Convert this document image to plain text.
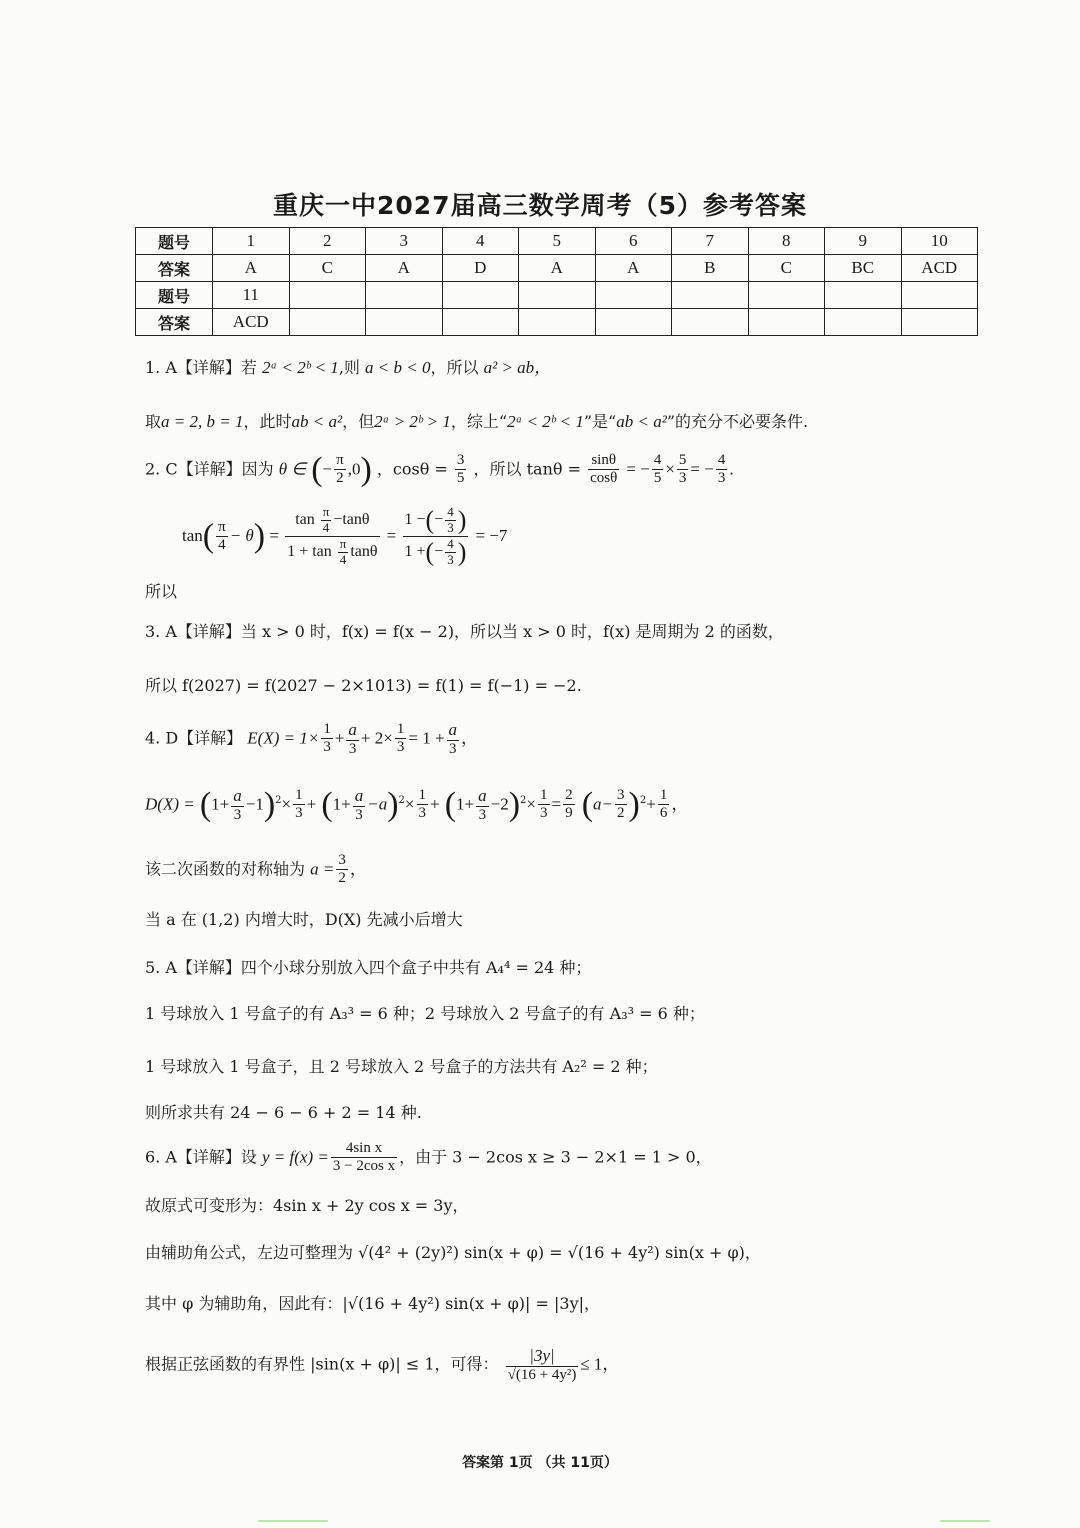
重庆一中2027届高三数学周考（5）参考答案
题号	1	2	3	4	5	6	7	8	9	10
答案	A	C	A	D	A	A	B	C	BC	ACD
题号	11									
答案	ACD									
1. A【详解】若 2ᵃ < 2ᵇ < 1,则 a < b < 0，所以 a² > ab，
取a = 2, b = 1，此时ab < a²，但2ᵃ > 2ᵇ > 1，综上“2ᵃ < 2ᵇ < 1”是“ab < a²”的充分不必要条件.
2. C【详解】因为 θ ∈ (− $\frac{\pi}{2} ,0$) ，$\cos\theta = \frac{3}{5}$ ，所以 $\tan\theta = \frac{\sin\theta}{\cos\theta}$ = − $\frac{4}{5} \times \frac{5}{3}$ = − $\frac{4}{3}$ .
$\tan( \frac{\pi}{4} - \theta) = \frac{\tan \frac{\pi}{4} -\tan\theta}{1 + \tan \frac{\pi}{4} \tan\theta} = \frac{1 -(- \frac{4}{3} )}{1 +(- \frac{4}{3} )} = -7$
所以
3. A【详解】当 x > 0 时，f(x) = f(x − 2)，所以当 x > 0 时，f(x) 是周期为 2 的函数，
所以 f(2027) = f(2027 − 2×1013) = f(1) = f(−1) = −2.
4. D【详解】 $E(X) = 1\times \frac{1}{3} + \frac{a}{3} + 2\times \frac{1}{3} = 1 + \frac{a}{3}$ ，
$D(X) = (1+ \frac{a}{3} -1)^2\times \frac{1}{3} + (1+ \frac{a}{3} -a)^2\times \frac{1}{3} + (1+ \frac{a}{3} -2)^2\times \frac{1}{3} = \frac{2}{9} (a- \frac{3}{2} )^2+ \frac{1}{6}$ ，
该二次函数的对称轴为 $a = \frac{3}{2}$ ，
当 a 在 (1,2) 内增大时，D(X) 先减小后增大
5. A【详解】四个小球分别放入四个盒子中共有 A₄⁴ = 24 种；
1 号球放入 1 号盒子的有 A₃³ = 6 种；2 号球放入 2 号盒子的有 A₃³ = 6 种；
1 号球放入 1 号盒子，且 2 号球放入 2 号盒子的方法共有 A₂² = 2 种；
则所求共有 24 − 6 − 6 + 2 = 14 种.
6. A【详解】设 $y = f(x) = \frac{\text{4sin x}}{\text{3 − 2cos x}}$ ，由于 3 − 2cos x ≥ 3 − 2×1 = 1 > 0，
故原式可变形为：4sin x + 2y cos x = 3y，
由辅助角公式，左边可整理为 √(4² + (2y)²) sin(x + φ) = √(16 + 4y²) sin(x + φ)，
其中 φ 为辅助角，因此有：|√(16 + 4y²) sin(x + φ)| = |3y|，
根据正弦函数的有界性 |sin(x + φ)| ≤ 1，可得： $\frac{|3y|}{\text{√(16 + 4y²)}} \le 1$，
答案第 1页 （共 11页）
